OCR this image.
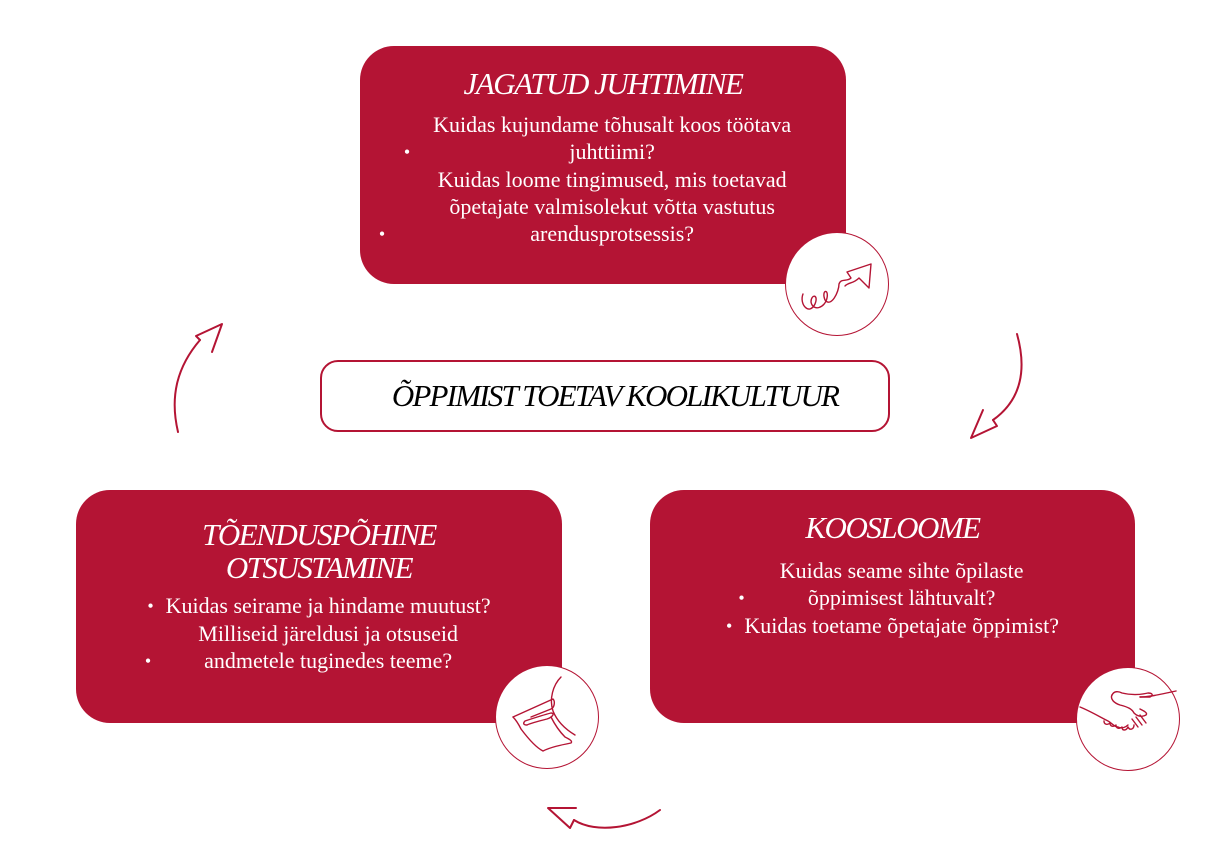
JAGATUD JUHTIMINE
•Kuidas kujundame tõhusalt koos töötava juhttiimi?
•Kuidas loome tingimused, mis toetavad õpetajate valmisolekut võtta vastutus arendusprotsessis?
TÕENDUSPÕHINE OTSUSTAMINE
• Kuidas seirame ja hindame muutust?
•Milliseid järeldusi ja otsuseid andmetele tuginedes teeme?
KOOSLOOME
•Kuidas seame sihte õpilaste õppimisest lähtuvalt?
• Kuidas toetame õpetajate õppimist?
ÕPPIMIST TOETAV KOOLIKULTUUR
